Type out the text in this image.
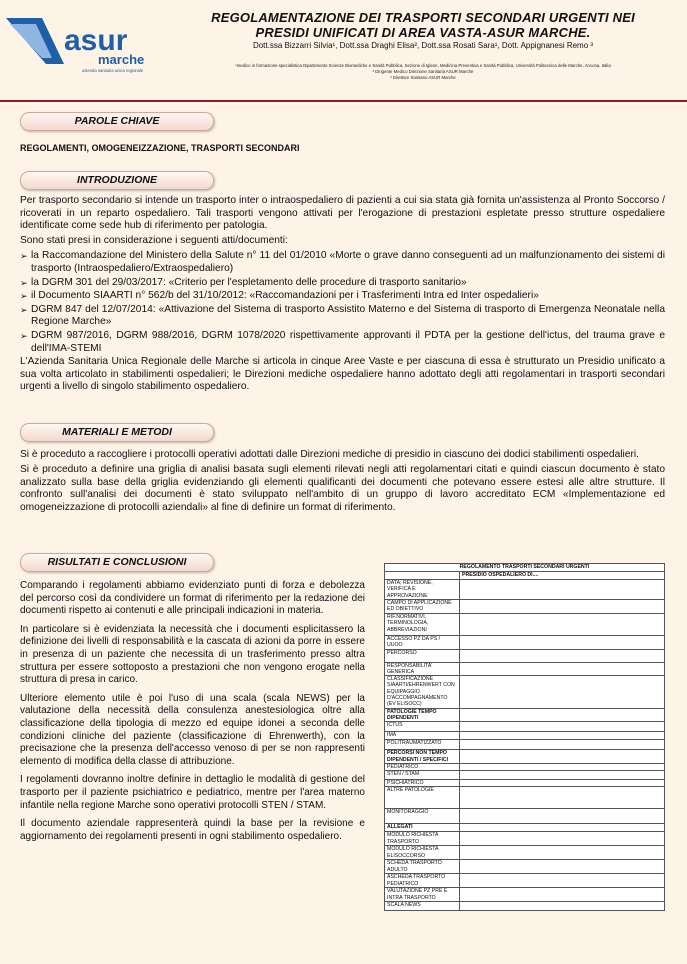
asur
marche
azienda sanitaria unica regionale
REGOLAMENTAZIONE DEI TRASPORTI SECONDARI URGENTI NEI
PRESIDI UNIFICATI DI AREA VASTA-ASUR MARCHE.
Dott.ssa Bizzarri Silvia¹, Dott.ssa Draghi Elisa², Dott.ssa Rosati Sara¹, Dott. Appignanesi Remo ³
¹medico in formazione specialistica Dipartimento Scienze Biomediche e Sanità Pubblica, Sezione di Igiene, Medicina Preventiva e Sanità Pubblica, Università Politecnica delle Marche, Ancona, Italia
² Dirigente Medico Direzione Sanitaria ASUR Marche
³ Direttore Sanitario ASUR Marche
PAROLE CHIAVE
REGOLAMENTI, OMOGENEIZZAZIONE, TRASPORTI SECONDARI
INTRODUZIONE

Per trasporto secondario si intende un trasporto inter o intraospedaliero di pazienti a cui sia stata già fornita un'assistenza al Pronto Soccorso / ricoverati in un reparto ospedaliero. Tali trasporti vengono attivati per l'erogazione di prestazioni espletate presso strutture ospedaliere identificate come sede hub di riferimento per patologia.

Sono stati presi in considerazione i seguenti atti/documenti:

➢ la Raccomandazione del Ministero della Salute n° 11 del 01/2010 «Morte o grave danno conseguenti ad un malfunzionamento dei sistemi di trasporto (Intraospedaliero/Extraospedaliero)
➢ la DGRM 301 del 29/03/2017: «Criterio per l'espletamento delle procedure di trasporto sanitario»
➢ il Documento SIAARTI n° 562/b del 31/10/2012: «Raccomandazioni per i Trasferimenti Intra ed Inter ospedalieri»
➢ DGRM 847 del 12/07/2014: «Attivazione del Sistema di trasporto Assistito Materno e del Sistema di trasporto di Emergenza Neonatale nella Regione Marche»
➢ DGRM 987/2016, DGRM 988/2016, DGRM 1078/2020 rispettivamente approvanti il PDTA per la gestione dell'ictus, del trauma grave e dell'IMA-STEMI

L'Azienda Sanitaria Unica Regionale delle Marche si articola in cinque Aree Vaste e per ciascuna di essa è strutturato un Presidio unificato a sua volta articolato in stabilimenti ospedalieri; le Direzioni mediche ospedaliere hanno adottato degli atti regolamentari in trasporti secondari urgenti a livello di singolo stabilimento ospedaliero.

MATERIALI E METODI

Si è proceduto a raccogliere i protocolli operativi adottati dalle Direzioni mediche di presidio in ciascuno dei dodici stabilimenti ospedalieri.

Si è proceduto a definire una griglia di analisi basata sugli elementi rilevati negli atti regolamentari citati e quindi ciascun documento è stato analizzato sulla base della griglia evidenziando gli elementi qualificanti dei documenti che potevano essere estesi alle altre strutture. Il confronto sull'analisi dei documenti è stato sviluppato nell'ambito di un gruppo di lavoro accreditato ECM «Implementazione ed omogeneizzazione di protocolli aziendali» al fine di definire un format di riferimento.

RISULTATI E CONCLUSIONI

Comparando i regolamenti abbiamo evidenziato punti di forza e debolezza del percorso così da condividere un format di riferimento per la redazione dei documenti rispetto ai contenuti e alle principali indicazioni in materia.

In particolare si è evidenziata la necessità che i documenti esplicitassero la definizione dei livelli di responsabilità e la cascata di azioni da porre in essere in presenza di un paziente che necessita di un trasferimento presso altra struttura per essere sottoposto a prestazioni che non vengono erogate nella struttura di presa in carico.

Ulteriore elemento utile è poi l'uso di una scala (scala NEWS) per la valutazione della necessità della consulenza anestesiologica oltre alla classificazione della tipologia di mezzo ed equipe idonei a seconda delle condizioni cliniche del paziente (classificazione di Ehrenwerth), con la precisazione che la presenza dell'accesso venoso di per se non rappresenti elemento di modifica della classe di attribuzione.

I regolamenti dovranno inoltre definire in dettaglio le modalità di gestione del trasporto per il paziente psichiatrico e pediatrico, mentre per l'area materno infantile nella regione Marche sono operativi protocolli STEN / STAM.

Il documento aziendale rappresenterà quindi la base per la revisione e aggiornamento dei regolamenti presenti in ogni stabilimento ospedaliero.

REGOLAMENTO TRASPORTI SECONDARI URGENTI	
	PRESIDIO OSPEDALIERO DI....
DATA, REVISIONE, VERIFICA E APPROVAZIONE	
CAMPO DI APPLICAZIONE ED OBIETTIVO	
RIF.NORMATIVI, TERMINOLOGIA, ABBREVIAZIONI	
ACCESSO PZ DA PS / UUOO	
PERCORSO	
RESPONSABILITA' GENERICA	
CLASSIFICAZIONE SIAARTI/EHRENWERT CON EQUIPAGGIO D'ACCOMPAGNAMENTO (EV ELISOCC)	
PATOLOGIE TEMPO DIPENDENTI	
ICTUS	
IMA	
POLITRAUMATIZZATO	
PERCORSI NON TEMPO DIPENDENTI / SPECIFICI	
PEDIATRICO	
STEN / STAM	
PSICHIATRICO	
ALTRE PATOLOGIE	
MONITORAGGIO	
ALLEGATI	
MODULO RICHIESTA TRASPORTO	
MODULO RICHIESTA ELISOCCORSO	
SCHEDA TRASPORTO ADULTO	
ASCHEDA TRASPORTO PEDIATRICO	
VALUTAZIONE PZ PRE E INTRA TRASPORTO	
SCALA NEWS	
